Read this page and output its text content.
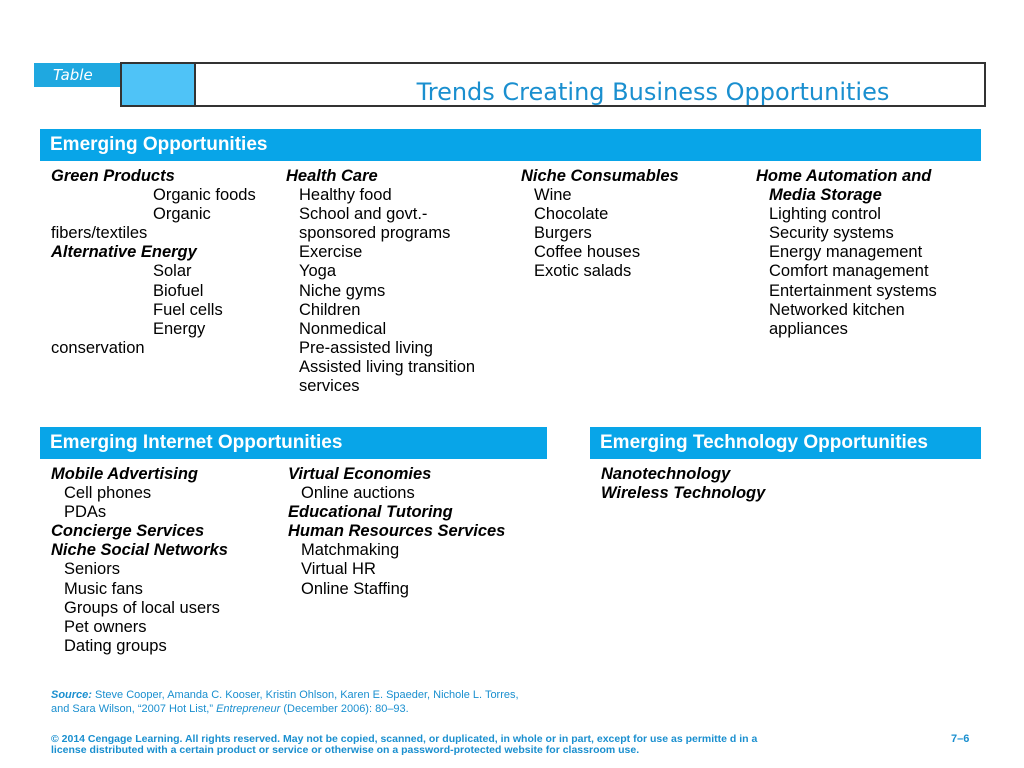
Table
Trends Creating Business Opportunities
Emerging Opportunities
Green Products
Organic foods
Organic
fibers/textiles
Alternative Energy
Solar
Biofuel
Fuel cells
Energy
conservation
Health Care
Healthy food
School and govt.-
sponsored programs
Exercise
Yoga
Niche gyms
Children
Nonmedical
Pre-assisted living
Assisted living transition
services
Niche Consumables
Wine
Chocolate
Burgers
Coffee houses
Exotic salads
Home Automation and
Media Storage
Lighting control
Security systems
Energy management
Comfort management
Entertainment systems
Networked kitchen
appliances
Emerging Internet Opportunities
Mobile Advertising
Cell phones
PDAs
Concierge Services
Niche Social Networks
Seniors
Music fans
Groups of local users
Pet owners
Dating groups
Virtual Economies
Online auctions
Educational Tutoring
Human Resources Services
Matchmaking
Virtual HR
Online Staffing
Emerging Technology Opportunities
Nanotechnology
Wireless Technology
Source: Steve Cooper, Amanda C. Kooser, Kristin Ohlson, Karen E. Spaeder, Nichole L. Torres, and Sara Wilson, “2007 Hot List,” Entrepreneur (December 2006): 80–93.
© 2014 Cengage Learning. All rights reserved. May not be copied, scanned, or duplicated, in whole or in part, except for use as permitte d in a license distributed with a certain product or service or otherwise on a password-protected website for classroom use.
7–6
